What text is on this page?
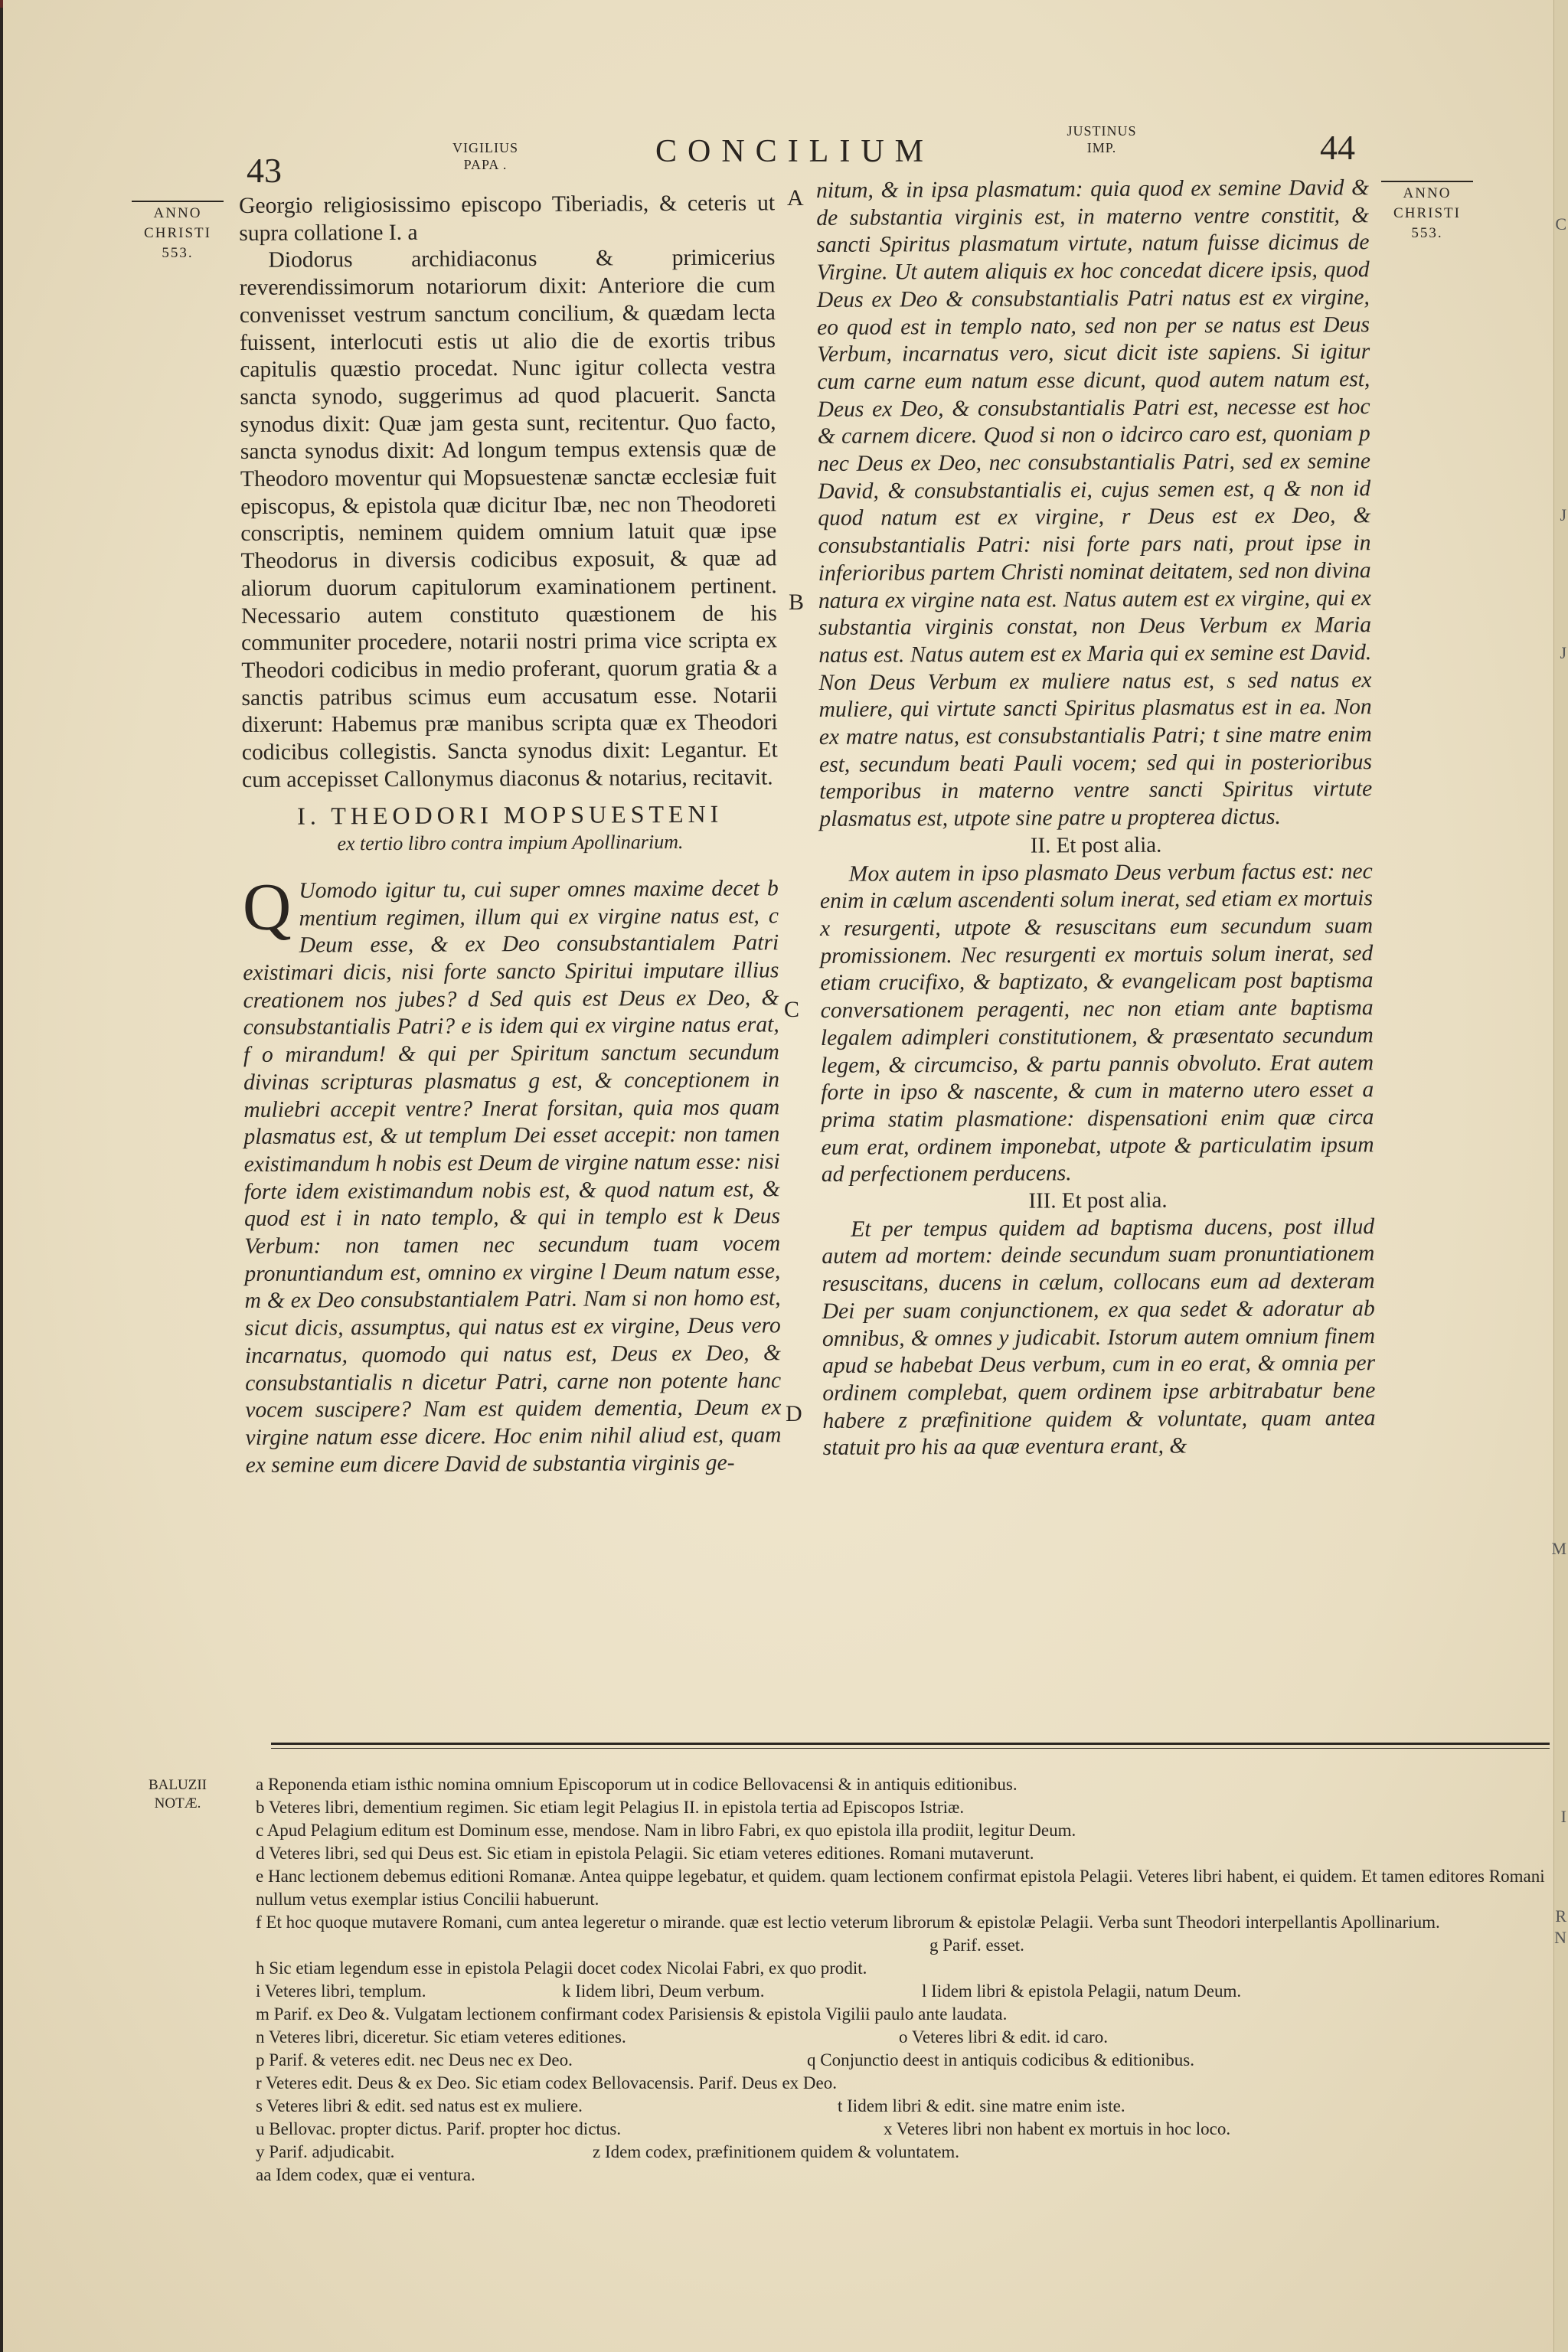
43
VIGILIUS
PAPA .	CONCILIUM
JUSTINUS
IMP.	44
ANNO
CHRISTI
553.
ANNO
CHRISTI
553.

Georgio religiosissimo episcopo Tiberiadis, & ceteris ut supra collatione I. a

Diodorus archidiaconus & primicerius reverendissimorum notariorum dixit: Anteriore die cum convenisset vestrum sanctum concilium, & quædam lecta fuissent, interlocuti estis ut alio die de exortis tribus capitulis quæstio procedat. Nunc igitur collecta vestra sancta synodo, suggerimus ad quod placuerit. Sancta synodus dixit: Quæ jam gesta sunt, recitentur. Quo facto, sancta synodus dixit: Ad longum tempus extensis quæ de Theodoro moventur qui Mopsuestenæ sanctæ ecclesiæ fuit episcopus, & epistola quæ dicitur Ibæ, nec non Theodoreti conscriptis, neminem quidem omnium latuit quæ ipse Theodorus in diversis codicibus exposuit, & quæ ad aliorum duorum capitulorum examinationem pertinent. Necessario autem constituto quæstionem de his communiter procedere, notarii nostri prima vice scripta ex Theodori codicibus in medio proferant, quorum gratia & a sanctis patribus scimus eum accusatum esse. Notarii dixerunt: Habemus præ manibus scripta quæ ex Theodori codicibus collegistis. Sancta synodus dixit: Legantur. Et cum accepisset Callonymus diaconus & notarius, recitavit.

I. THEODORI MOPSUESTENI
ex tertio libro contra impium Apollinarium.
Q Uomodo igitur tu, cui super omnes maxime decet b mentium regimen, illum qui ex virgine natus est, c Deum esse, & ex Deo consubstantialem Patri existimari dicis, nisi forte sancto Spiritui imputare illius creationem nos jubes? d Sed quis est Deus ex Deo, & consubstantialis Patri? e is idem qui ex virgine natus erat, f o mirandum! & qui per Spiritum sanctum secundum divinas scripturas plasmatus g est, & conceptionem in muliebri accepit ventre? Inerat forsitan, quia mos quam plasmatus est, & ut templum Dei esset accepit: non tamen existimandum h nobis est Deum de virgine natum esse: nisi forte idem existimandum nobis est, & quod natum est, & quod est i in nato templo, & qui in templo est k Deus Verbum: non tamen nec secundum tuam vocem pronuntiandum est, omnino ex virgine l Deum natum esse, m & ex Deo consubstantialem Patri. Nam si non homo est, sicut dicis, assumptus, qui natus est ex virgine, Deus vero incarnatus, quomodo qui natus est, Deus ex Deo, & consubstantialis n dicetur Patri, carne non potente hanc vocem suscipere? Nam est quidem dementia, Deum ex virgine natum esse dicere. Hoc enim nihil aliud est, quam ex semine eum dicere David de substantia virginis ge-

A
B
C
D

nitum, & in ipsa plasmatum: quia quod ex semine David & de substantia virginis est, in materno ventre constitit, & sancti Spiritus plasmatum virtute, natum fuisse dicimus de Virgine. Ut autem aliquis ex hoc concedat dicere ipsis, quod Deus ex Deo & consubstantialis Patri natus est ex virgine, eo quod est in templo nato, sed non per se natus est Deus Verbum, incarnatus vero, sicut dicit iste sapiens. Si igitur cum carne eum natum esse dicunt, quod autem natum est, Deus ex Deo, & consubstantialis Patri est, necesse est hoc & carnem dicere. Quod si non o idcirco caro est, quoniam p nec Deus ex Deo, nec consubstantialis Patri, sed ex semine David, & consubstantialis ei, cujus semen est, q & non id quod natum est ex virgine, r Deus est ex Deo, & consubstantialis Patri: nisi forte pars nati, prout ipse in inferioribus partem Christi nominat deitatem, sed non divina natura ex virgine nata est. Natus autem est ex virgine, qui ex substantia virginis constat, non Deus Verbum ex Maria natus est. Natus autem est ex Maria qui ex semine est David. Non Deus Verbum ex muliere natus est, s sed natus ex muliere, qui virtute sancti Spiritus plasmatus est in ea. Non ex matre natus, est consubstantialis Patri; t sine matre enim est, secundum beati Pauli vocem; sed qui in posterioribus temporibus in materno ventre sancti Spiritus virtute plasmatus est, utpote sine patre u propterea dictus.

II. Et post alia.

Mox autem in ipso plasmato Deus verbum factus est: nec enim in cælum ascendenti solum inerat, sed etiam ex mortuis x resurgenti, utpote & resuscitans eum secundum suam promissionem. Nec resurgenti ex mortuis solum inerat, sed etiam crucifixo, & baptizato, & evangelicam post baptisma conversationem peragenti, nec non etiam ante baptisma legalem adimpleri constitutionem, & præsentato secundum legem, & circumciso, & partu pannis obvoluto. Erat autem forte in ipso & nascente, & cum in materno utero esset a prima statim plasmatione: dispensationi enim quæ circa eum erat, ordinem imponebat, utpote & particulatim ipsum ad perfectionem perducens.

III. Et post alia.

Et per tempus quidem ad baptisma ducens, post illud autem ad mortem: deinde secundum suam pronuntiationem resuscitans, ducens in cælum, collocans eum ad dexteram Dei per suam conjunctionem, ex qua sedet & adoratur ab omnibus, & omnes y judicabit. Istorum autem omnium finem apud se habebat Deus verbum, cum in eo erat, & omnia per ordinem complebat, quem ordinem ipse arbitrabatur bene habere z præfinitione quidem & voluntate, quam antea statuit pro his aa quæ eventura erant, &

BALUZII
NOTÆ.
a Reponenda etiam isthic nomina omnium Episcoporum ut in codice Bellovacensi & in antiquis editionibus.
b Veteres libri, dementium regimen. Sic etiam legit Pelagius II. in epistola tertia ad Episcopos Istriæ.
c Apud Pelagium editum est Dominum esse, mendose. Nam in libro Fabri, ex quo epistola illa prodiit, legitur Deum.
d Veteres libri, sed qui Deus est. Sic etiam in epistola Pelagii. Sic etiam veteres editiones. Romani mutaverunt.
e Hanc lectionem debemus editioni Romanæ. Antea quippe legebatur, et quidem. quam lectionem confirmat epistola Pelagii. Veteres libri habent, ei quidem. Et tamen editores Romani nullum vetus exemplar istius Concilii habuerunt.
f Et hoc quoque mutavere Romani, cum antea legeretur o mirande. quæ est lectio veterum librorum & epistolæ Pelagii. Verba sunt Theodori interpellantis Apollinarium.
g Parif. esset.
h Sic etiam legendum esse in epistola Pelagii docet codex Nicolai Fabri, ex quo prodit.
i Veteres libri, templum.	k Iidem libri, Deum verbum.	l Iidem libri & epistola Pelagii, natum Deum.
m Parif. ex Deo &. Vulgatam lectionem confirmant codex Parisiensis & epistola Vigilii paulo ante laudata.
n Veteres libri, diceretur. Sic etiam veteres editiones.	o Veteres libri & edit. id caro.
p Parif. & veteres edit. nec Deus nec ex Deo.	q Conjunctio deest in antiquis codicibus & editionibus.
r Veteres edit. Deus & ex Deo. Sic etiam codex Bellovacensis. Parif. Deus ex Deo.
s Veteres libri & edit. sed natus est ex muliere.	t Iidem libri & edit. sine matre enim iste.
u Bellovac. propter dictus. Parif. propter hoc dictus.	x Veteres libri non habent ex mortuis in hoc loco.
y Parif. adjudicabit.	z Idem codex, præfinitionem quidem & voluntatem.
aa Idem codex, quæ ei ventura.
C
J
J
M
I
R
N
